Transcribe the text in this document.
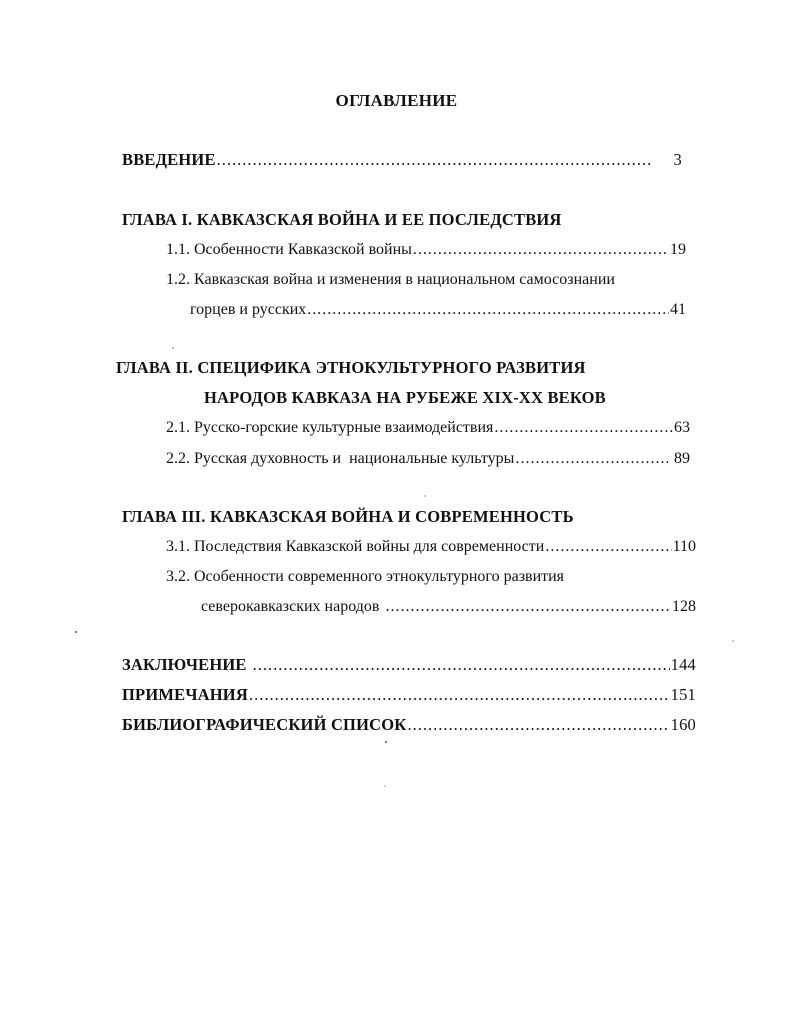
ОГЛАВЛЕНИЕ
ВВЕДЕНИЕ .....	3
ГЛАВА I. КАВКАЗСКАЯ ВОЙНА И ЕЕ ПОСЛЕДСТВИЯ
1.1. Особенности Кавказской войны .....	19
1.2. Кавказская война и изменения в национальном самосознании
горцев и русских .....	41
ГЛАВА II. СПЕЦИФИКА ЭТНОКУЛЬТУРНОГО РАЗВИТИЯ
НАРОДОВ КАВКАЗА НА РУБЕЖЕ XIX-XX ВЕКОВ
2.1. Русско-горские культурные взаимодействия .....	63
2.2. Русская духовность и  национальные культуры .....	89
ГЛАВА III. КАВКАЗСКАЯ ВОЙНА И СОВРЕМЕННОСТЬ
3.1. Последствия Кавказской войны для современности .....	110
3.2. Особенности современного этнокультурного развития
северокавказских народов .....	128
ЗАКЛЮЧЕНИЕ .....	144
ПРИМЕЧАНИЯ .....	151
БИБЛИОГРАФИЧЕСКИЙ СПИСОК .....	160
